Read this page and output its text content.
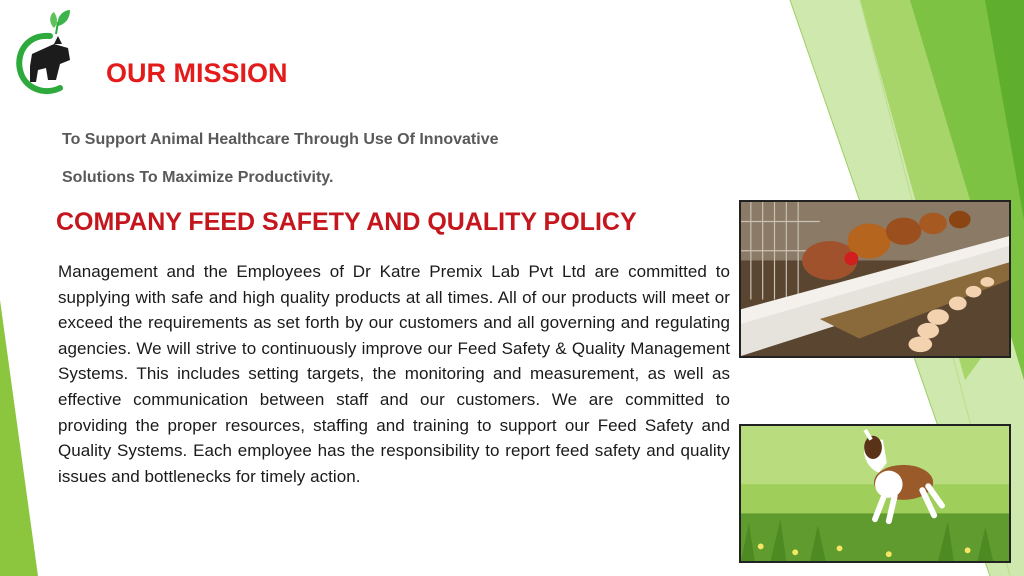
OUR MISSION
To Support Animal Healthcare Through Use Of Innovative
Solutions To Maximize Productivity.
COMPANY FEED SAFETY AND QUALITY POLICY

Management and the Employees of Dr Katre Premix Lab Pvt Ltd are committed to supplying with safe and high quality products at all times. All of our products will meet or exceed the requirements as set forth by our customers and all governing and regulating agencies. We will strive to continuously improve our Feed Safety & Quality Management Systems. This includes setting targets, the monitoring and measurement, as well as effective communication between staff and our customers. We are committed to providing the proper resources, staffing and training to support our Feed Safety and Quality Systems. Each employee has the responsibility to report feed safety and quality issues and bottlenecks for timely action.
